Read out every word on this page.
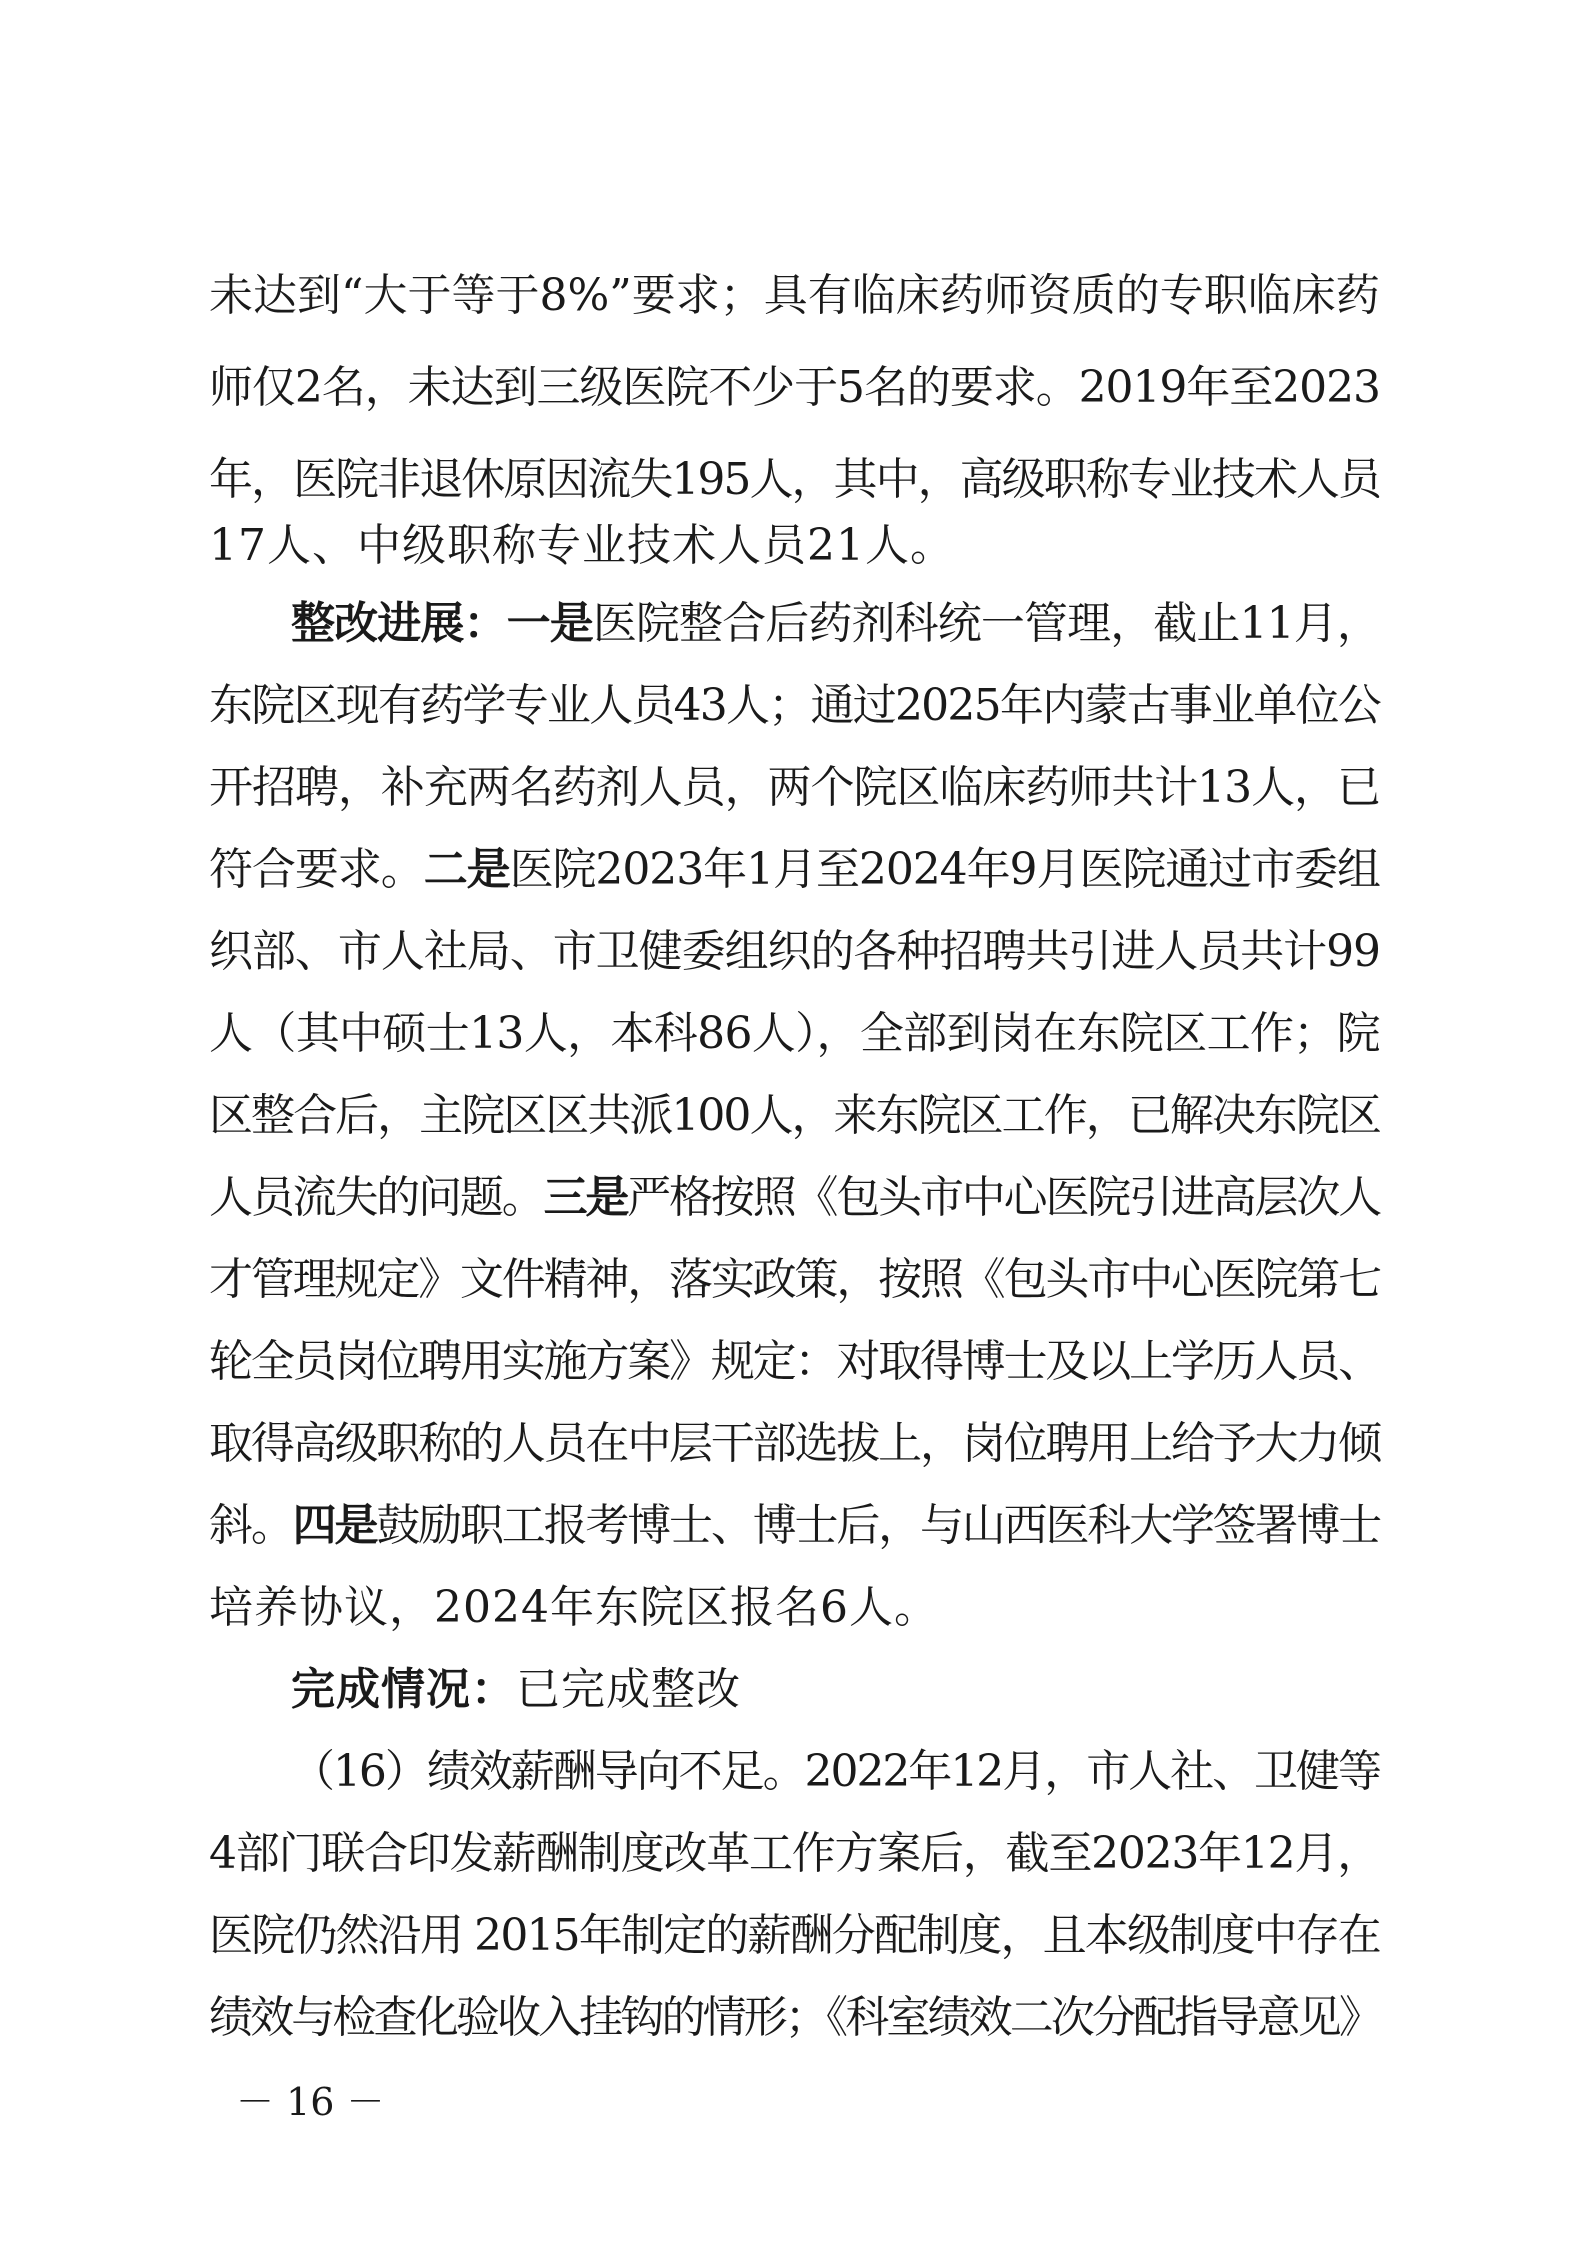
未达到“大于等于8%”要求；具有临床药师资质的专职临床药
师仅2名，未达到三级医院不少于5名的要求。2019年至2023
年，医院非退休原因流失195人，其中，高级职称专业技术人员
17人、中级职称专业技术人员21人。
整改进展：一是医院整合后药剂科统一管理，截止11月，
东院区现有药学专业人员43人；通过2025年内蒙古事业单位公
开招聘，补充两名药剂人员，两个院区临床药师共计13人，已
符合要求。二是医院2023年1月至2024年9月医院通过市委组
织部、市人社局、市卫健委组织的各种招聘共引进人员共计99
人（其中硕士13人，本科86人），全部到岗在东院区工作；院
区整合后，主院区区共派100人，来东院区工作，已解决东院区
人员流失的问题。三是严格按照《包头市中心医院引进高层次人
才管理规定》文件精神，落实政策，按照《包头市中心医院第七
轮全员岗位聘用实施方案》规定：对取得博士及以上学历人员、
取得高级职称的人员在中层干部选拔上，岗位聘用上给予大力倾
斜。四是鼓励职工报考博士、博士后，与山西医科大学签署博士
培养协议，2024年东院区报名6人。
完成情况：已完成整改
（16）绩效薪酬导向不足。2022年12月，市人社、卫健等
4部门联合印发薪酬制度改革工作方案后，截至2023年12月，
医院仍然沿用 2015年制定的薪酬分配制度，且本级制度中存在
绩效与检查化验收入挂钩的情形；《科室绩效二次分配指导意见》
－ 16 －
